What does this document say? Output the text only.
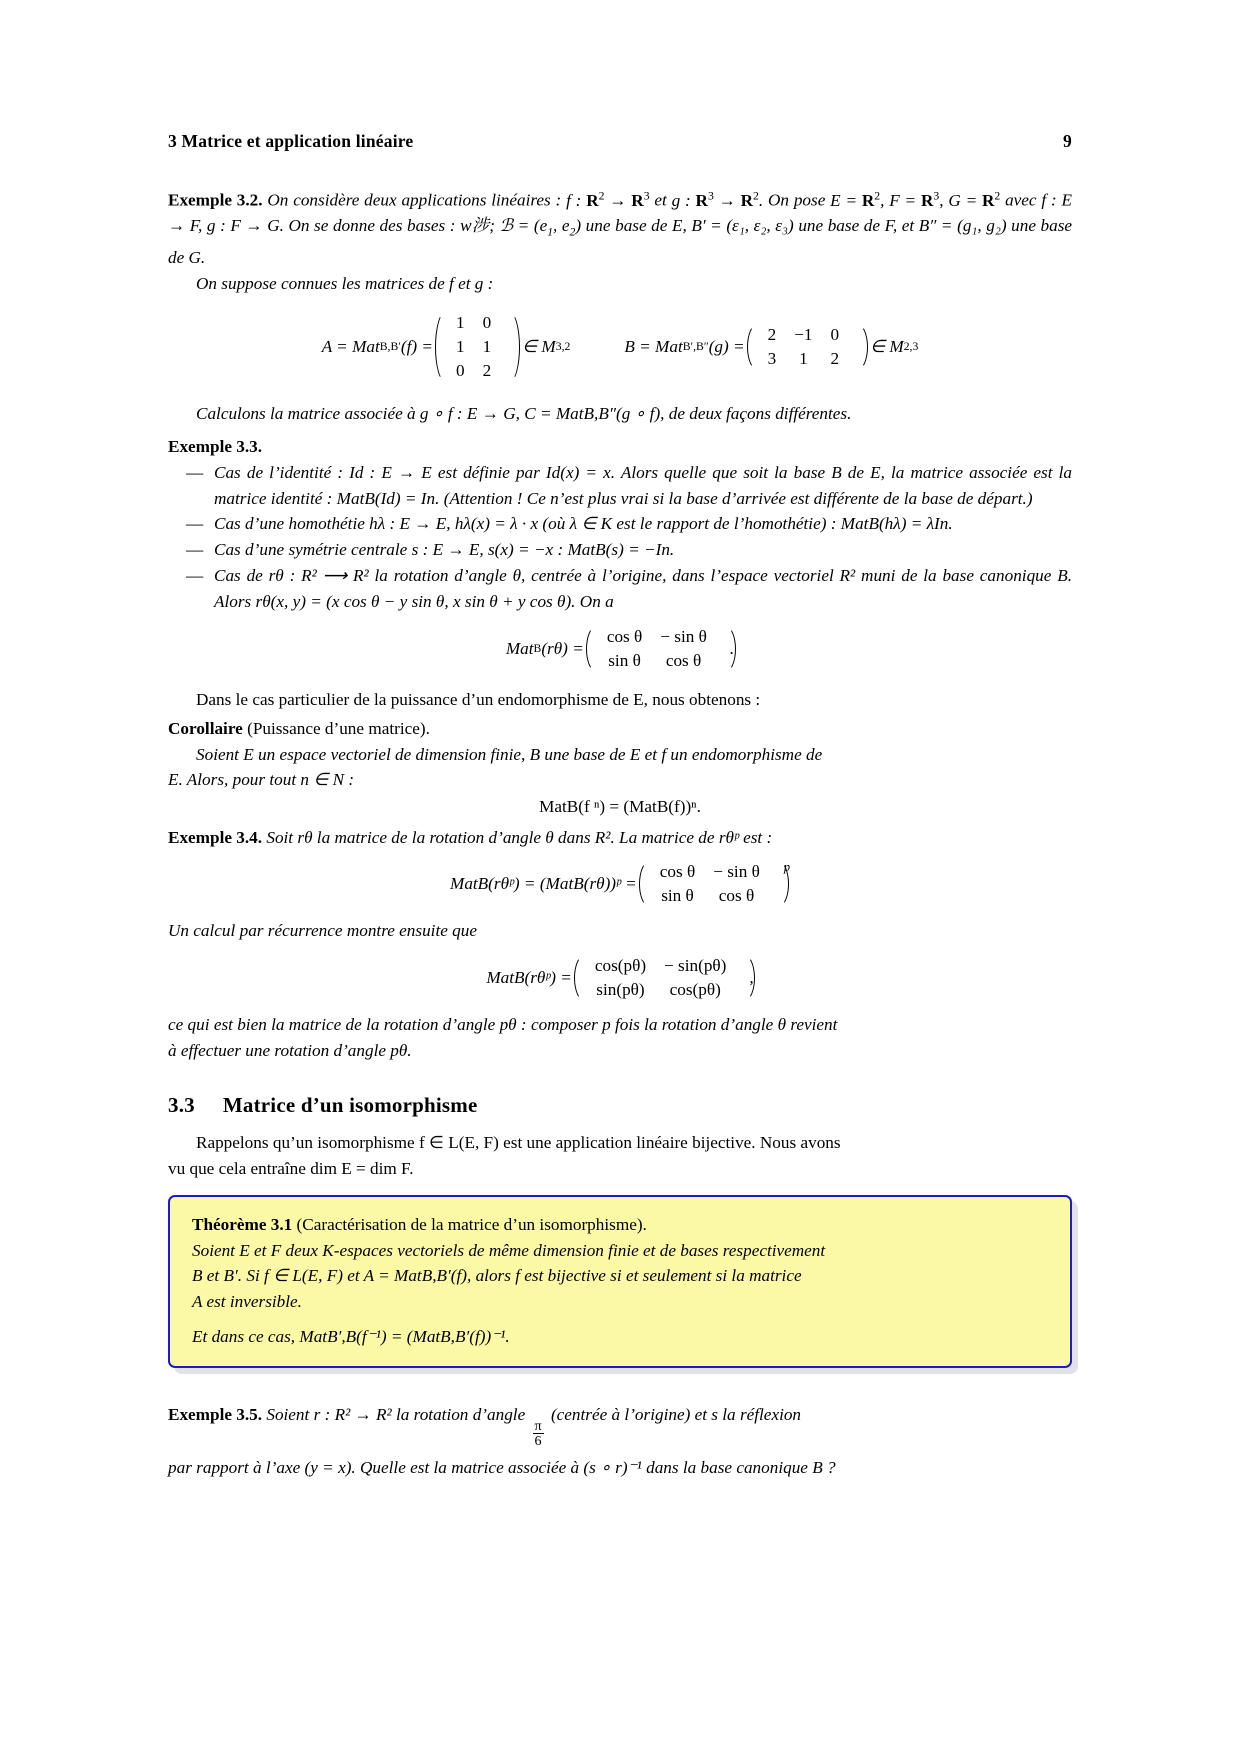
3 Matrice et application linéaire	9
Exemple 3.2. On considère deux applications linéaires : f : $R^2 \to R^3$ et g : $R^3 \to R^2$. On pose $E = R^2$, $F = R^3$, $G = R^2$ avec f : E → F, g : F → G. On se donne des bases : w涉; ℬ = ($e_1$, $e_2$) une base de E, B′ = (ε₁, ε₂, ε₃) une base de F, et B″ = (g₁, g₂) une base de G.
On suppose connues les matrices de f et g :
A = Mat B,B′ (f) =
1	0
1	1
0	2
∈ M 3,2	B = Mat B′,B″ (g) =
2	−1	0
3	1	2
∈ M 2,3
Calculons la matrice associée à g ∘ f : E → G, C = MatB,B″(g ∘ f), de deux façons différentes.
Exemple 3.3.
— Cas de l’identité : Id : E → E est définie par Id(x) = x. Alors quelle que soit la base B de E, la matrice associée est la matrice identité : MatB(Id) = In. (Attention ! Ce n’est plus vrai si la base d’arrivée est différente de la base de départ.)
— Cas d’une homothétie hλ : E → E, hλ(x) = λ · x (où λ ∈ K est le rapport de l’homothétie) : MatB(hλ) = λIn.
— Cas d’une symétrie centrale s : E → E, s(x) = −x : MatB(s) = −In.
— Cas de rθ : R² ⟶ R² la rotation d’angle θ, centrée à l’origine, dans l’espace vectoriel R² muni de la base canonique B. Alors rθ(x, y) = (x cos θ − y sin θ, x sin θ + y cos θ). On a
Mat B (rθ) =
cos θ	− sin θ
sin θ	cos θ
.
Dans le cas particulier de la puissance d’un endomorphisme de E, nous obtenons :
Corollaire (Puissance d’une matrice).
Soient E un espace vectoriel de dimension finie, B une base de E et f un endomorphisme de
E. Alors, pour tout n ∈ N :
MatB(f ⁿ) = (MatB(f))ⁿ.
Exemple 3.4. Soit rθ la matrice de la rotation d’angle θ dans R². La matrice de rθᵖ est :
MatB(rθᵖ) = (MatB(rθ))ᵖ =
cos θ	− sin θ
sin θ	cos θ
p
Un calcul par récurrence montre ensuite que
MatB(rθᵖ) =
cos(pθ)	− sin(pθ)
sin(pθ)	cos(pθ)
,
ce qui est bien la matrice de la rotation d’angle pθ : composer p fois la rotation d’angle θ revient
à effectuer une rotation d’angle pθ.
3.3 Matrice d’un isomorphisme
Rappelons qu’un isomorphisme f ∈ L(E, F) est une application linéaire bijective. Nous avons
vu que cela entraîne dim E = dim F.
Théorème 3.1 (Caractérisation de la matrice d’un isomorphisme).
Soient E et F deux K-espaces vectoriels de même dimension finie et de bases respectivement
B et B′. Si f ∈ L(E, F) et A = MatB,B′(f), alors f est bijective si et seulement si la matrice
A est inversible.
Et dans ce cas, MatB′,B(f⁻¹) = (MatB,B′(f))⁻¹.
Exemple 3.5. Soient r : R² → R² la rotation d’angle
$\frac{\pi}{6}$
(centrée à l’origine) et s la réflexion
par rapport à l’axe (y = x). Quelle est la matrice associée à (s ∘ r)⁻¹ dans la base canonique B ?
